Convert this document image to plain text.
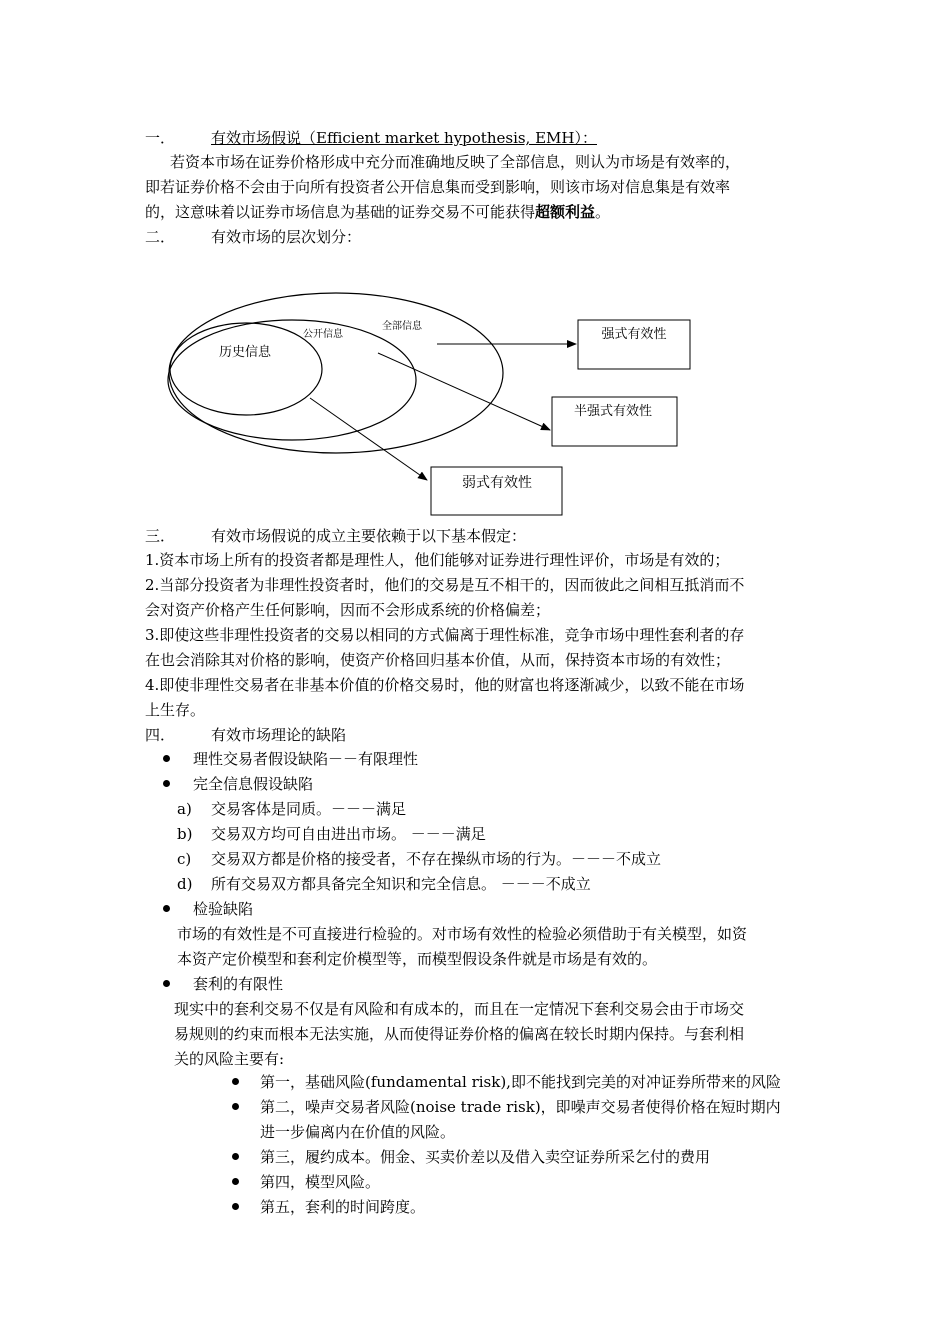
一． 有效市场假说（Efficient market hypothesis, EMH）：
若资本市场在证券价格形成中充分而准确地反映了全部信息，则认为市场是有效率的，
即若证券价格不会由于向所有投资者公开信息集而受到影响，则该市场对信息集是有效率
的，这意味着以证券市场信息为基础的证券交易不可能获得超额利益。
二． 有效市场的层次划分：
全部信息
公开信息
历史信息
强式有效性
半强式有效性
弱式有效性
三． 有效市场假说的成立主要依赖于以下基本假定：
1.资本市场上所有的投资者都是理性人，他们能够对证券进行理性评价，市场是有效的；
2.当部分投资者为非理性投资者时，他们的交易是互不相干的，因而彼此之间相互抵消而不
会对资产价格产生任何影响，因而不会形成系统的价格偏差；
3.即使这些非理性投资者的交易以相同的方式偏离于理性标准，竞争市场中理性套利者的存
在也会消除其对价格的影响，使资产价格回归基本价值，从而，保持资本市场的有效性；
4.即使非理性交易者在非基本价值的价格交易时，他的财富也将逐渐减少，以致不能在市场
上生存。
四． 有效市场理论的缺陷
理性交易者假设缺陷－－有限理性
完全信息假设缺陷
a) 交易客体是同质。－－－满足
b) 交易双方均可自由进出市场。 －－－满足
c) 交易双方都是价格的接受者，不存在操纵市场的行为。－－－不成立
d) 所有交易双方都具备完全知识和完全信息。 －－－不成立
检验缺陷
市场的有效性是不可直接进行检验的。对市场有效性的检验必须借助于有关模型，如资
本资产定价模型和套利定价模型等，而模型假设条件就是市场是有效的。
套利的有限性
现实中的套利交易不仅是有风险和有成本的，而且在一定情况下套利交易会由于市场交
易规则的约束而根本无法实施，从而使得证券价格的偏离在较长时期内保持。与套利相
关的风险主要有:
第一，基础风险(fundamental risk),即不能找到完美的对冲证券所带来的风险
第二，噪声交易者风险(noise trade risk)，即噪声交易者使得价格在短时期内
进一步偏离内在价值的风险。
第三，履约成本。佣金、买卖价差以及借入卖空证券所采乞付的费用
第四，模型风险。
第五，套利的时间跨度。
